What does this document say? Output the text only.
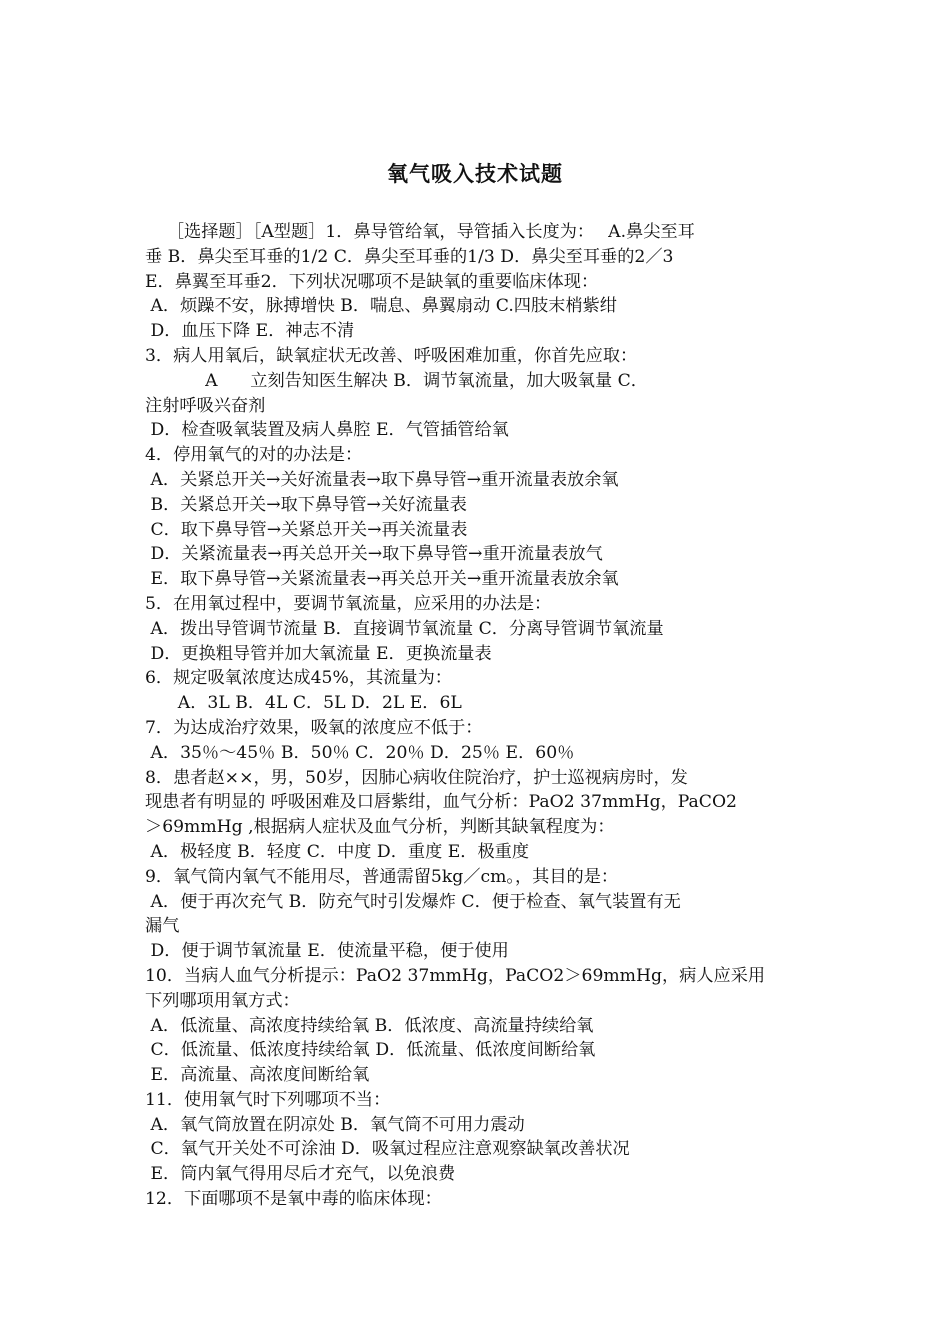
氧气吸入技术试题
［选择题］［A型题］1．鼻导管给氧，导管插入长度为：　 A.鼻尖至耳
垂 B．鼻尖至耳垂的1/2 C．鼻尖至耳垂的1/3 D．鼻尖至耳垂的2／3
E．鼻翼至耳垂2．下列状况哪项不是缺氧的重要临床体现：
A．烦躁不安，脉搏增快 B．喘息、鼻翼扇动 C.四肢末梢紫绀
D．血压下降 E．神志不清
3．病人用氧后，缺氧症状无改善、呼吸困难加重，你首先应取：
A      立刻告知医生解决 B．调节氧流量，加大吸氧量 C．
注射呼吸兴奋剂
D．检查吸氧装置及病人鼻腔 E．气管插管给氧
4．停用氧气的对的办法是：
A．关紧总开关→关好流量表→取下鼻导管→重开流量表放余氧
B．关紧总开关→取下鼻导管→关好流量表
C．取下鼻导管→关紧总开关→再关流量表
D．关紧流量表→再关总开关→取下鼻导管→重开流量表放气
E．取下鼻导管→关紧流量表→再关总开关→重开流量表放余氧
5．在用氧过程中，要调节氧流量，应采用的办法是：
A．拨出导管调节流量 B．直接调节氧流量 C．分离导管调节氧流量
D．更换粗导管并加大氧流量 E．更换流量表
6．规定吸氧浓度达成45%，其流量为：
A．3L B．4L C．5L D．2L E．6L
7．为达成治疗效果，吸氧的浓度应不低于：
A．35％～45％ B．50％ C．20％ D．25％ E．60％
8．患者赵××，男，50岁，因肺心病收住院治疗，护士巡视病房时，发
现患者有明显的 呼吸困难及口唇紫绀，血气分析：PaO2 37mmHg，PaCO2
＞69mmHg ,根据病人症状及血气分析，判断其缺氧程度为：
A．极轻度 B．轻度 C．中度 D．重度 E．极重度
9．氧气筒内氧气不能用尽，普通需留5kg／cm。，其目的是：
A．便于再次充气 B．防充气时引发爆炸 C．便于检查、氧气装置有无
漏气
D．便于调节氧流量 E．使流量平稳，便于使用
10．当病人血气分析提示：PaO2 37mmHg，PaCO2＞69mmHg，病人应采用
下列哪项用氧方式：
A．低流量、高浓度持续给氧 B．低浓度、高流量持续给氧
C．低流量、低浓度持续给氧 D．低流量、低浓度间断给氧
E．高流量、高浓度间断给氧
11．使用氧气时下列哪项不当：
A．氧气筒放置在阴凉处 B．氧气筒不可用力震动
C．氧气开关处不可涂油 D．吸氧过程应注意观察缺氧改善状况
E．筒内氧气得用尽后才充气，以免浪费
12．下面哪项不是氧中毒的临床体现：
